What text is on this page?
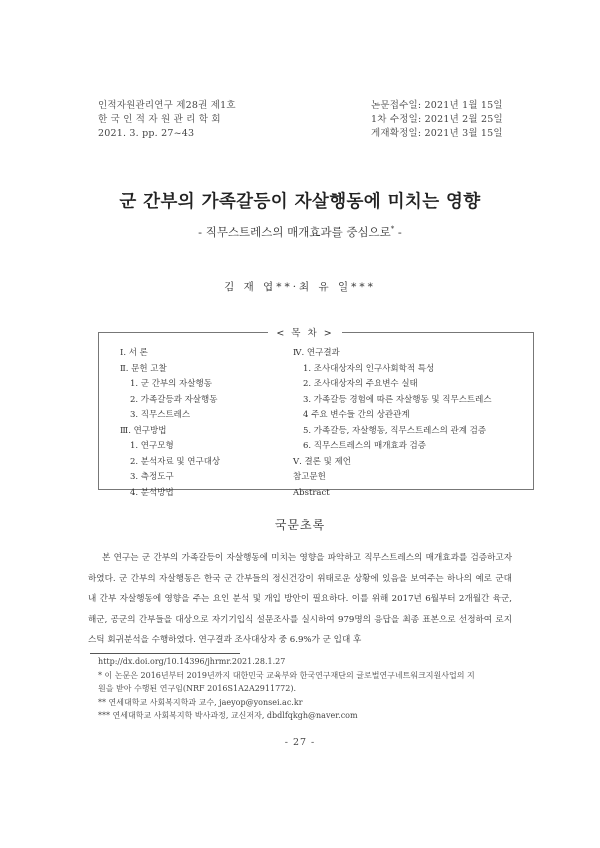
인적자원관리연구 제28권 제1호
한 국 인 적 자 원 관 리 학 회
2021. 3. pp. 27~43
논문접수일: 2021년 1월 15일
1차 수정일: 2021년 2월 25일
게재확정일: 2021년 3월 15일
군 간부의 가족갈등이 자살행동에 미치는 영향
- 직무스트레스의 매개효과를 중심으로* -
김 재 엽**·최 유 일***
< 목 차 >
Ⅰ. 서 론
Ⅱ. 문헌 고찰
1. 군 간부의 자살행동
2. 가족갈등과 자살행동
3. 직무스트레스
Ⅲ. 연구방법
1. 연구모형
2. 분석자료 및 연구대상
3. 측정도구
4. 분석방법
Ⅳ. 연구결과
1. 조사대상자의 인구사회학적 특성
2. 조사대상자의 주요변수 실태
3. 가족갈등 경험에 따른 자살행동 및 직무스트레스
4 주요 변수들 간의 상관관계
5. 가족갈등, 자살행동, 직무스트레스의 관계 검증
6. 직무스트레스의 매개효과 검증
Ⅴ. 결론 및 제언
참고문헌
Abstract
국문초록
본 연구는 군 간부의 가족갈등이 자살행동에 미치는 영향을 파악하고 직무스트레스의 매개효과를 검증하고자 하였다. 군 간부의 자살행동은 한국 군 간부들의 정신건강이 위태로운 상황에 있음을 보여주는 하나의 예로 군대 내 간부 자살행동에 영향을 주는 요인 분석 및 개입 방안이 필요하다. 이를 위해 2017년 6월부터 2개월간 육군, 해군, 공군의 간부들을 대상으로 자기기입식 설문조사를 실시하여 979명의 응답을 최종 표본으로 선정하여 로지스틱 회귀분석을 수행하였다. 연구결과 조사대상자 중 6.9%가 군 입대 후
http://dx.doi.org/10.14396/jhrmr.2021.28.1.27
* 이 논문은 2016년부터 2019년까지 대한민국 교육부와 한국연구재단의 글로벌연구네트워크지원사업의 지
원을 받아 수행된 연구임(NRF 2016S1A2A2911772).
** 연세대학교 사회복지학과 교수, jaeyop@yonsei.ac.kr
*** 연세대학교 사회복지학 박사과정, 교신저자, dbdlfqkgh@naver.com
- 27 -
